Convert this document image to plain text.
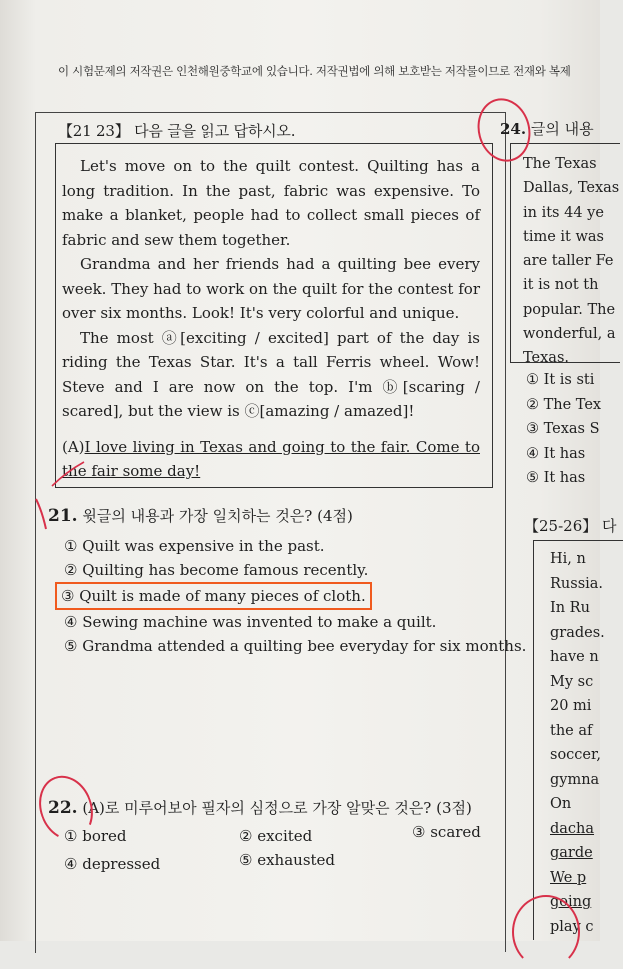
이 시험문제의 저작권은 인천해원중학교에 있습니다. 저작권법에 의해 보호받는 저작물이므로 전재와 복제
【21 23】 다음 글을 읽고 답하시오.

Let's move on to the quilt contest. Quilting has a long tradition. In the past, fabric was expensive. To make a blanket, people had to collect small pieces of fabric and sew them together.

Grandma and her friends had a quilting bee every week. They had to work on the quilt for the contest for over six months. Look! It's very colorful and unique.

The most ⓐ[exciting / excited] part of the day is riding the Texas Star. It's a tall Ferris wheel. Wow! Steve and I are now on the top. I'm ⓑ[scaring / scared], but the view is ⓒ[amazing / amazed]!

(A)I love living in Texas and going to the fair. Come to the fair some day!

21. 윗글의 내용과 가장 일치하는 것은? (4점)
① Quilt was expensive in the past.
② Quilting has become famous recently.
③ Quilt is made of many pieces of cloth.
④ Sewing machine was invented to make a quilt.
⑤ Grandma attended a quilting bee everyday for six months.
22. (A)로 미루어보아 필자의 심정으로 가장 알맞은 것은? (3점)
① bored	② excited	③ scared
④ depressed	⑤ exhausted
24. 글의 내용
The Texas
Dallas, Texas
in its 44 ye
time it was
are taller Fe
it is not th
popular. The
wonderful, a
Texas.
① It is sti
② The Tex
③ Texas S
④ It has
⑤ It has
【25-26】 다
Hi, n
Russia.
In Ru
grades.
have n
My sc
20 mi
the af
soccer,
gymna
On
dacha
garde
We p
going
play c
